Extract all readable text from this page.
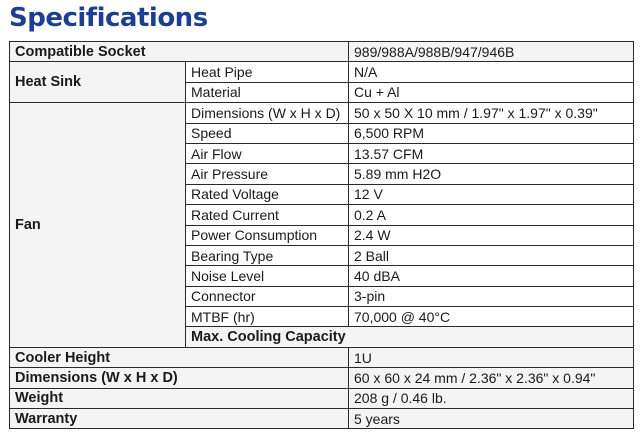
Specifications
Compatible Socket		989/988A/988B/947/946B	
Heat Sink	Heat Pipe	N/A	
	Material	Cu + Al	
Fan	Dimensions (W x H x D)	50 x 50 X 10 mm / 1.97" x 1.97" x 0.39"	
	Speed	6,500 RPM	
	Air Flow	13.57 CFM	
	Air Pressure	5.89 mm H2O	
	Rated Voltage	12 V	
	Rated Current	0.2 A	
	Power Consumption	2.4 W	
	Bearing Type	2 Ball	
	Noise Level	40 dBA	
	Connector	3-pin	
	MTBF (hr)	70,000 @ 40°C	
	Max. Cooling Capacity	
Cooler Height		1U	
Dimensions (W x H x D)		60 x 60 x 24 mm / 2.36" x 2.36" x 0.94"	
Weight		208 g / 0.46 lb.	
Warranty		5 years	
